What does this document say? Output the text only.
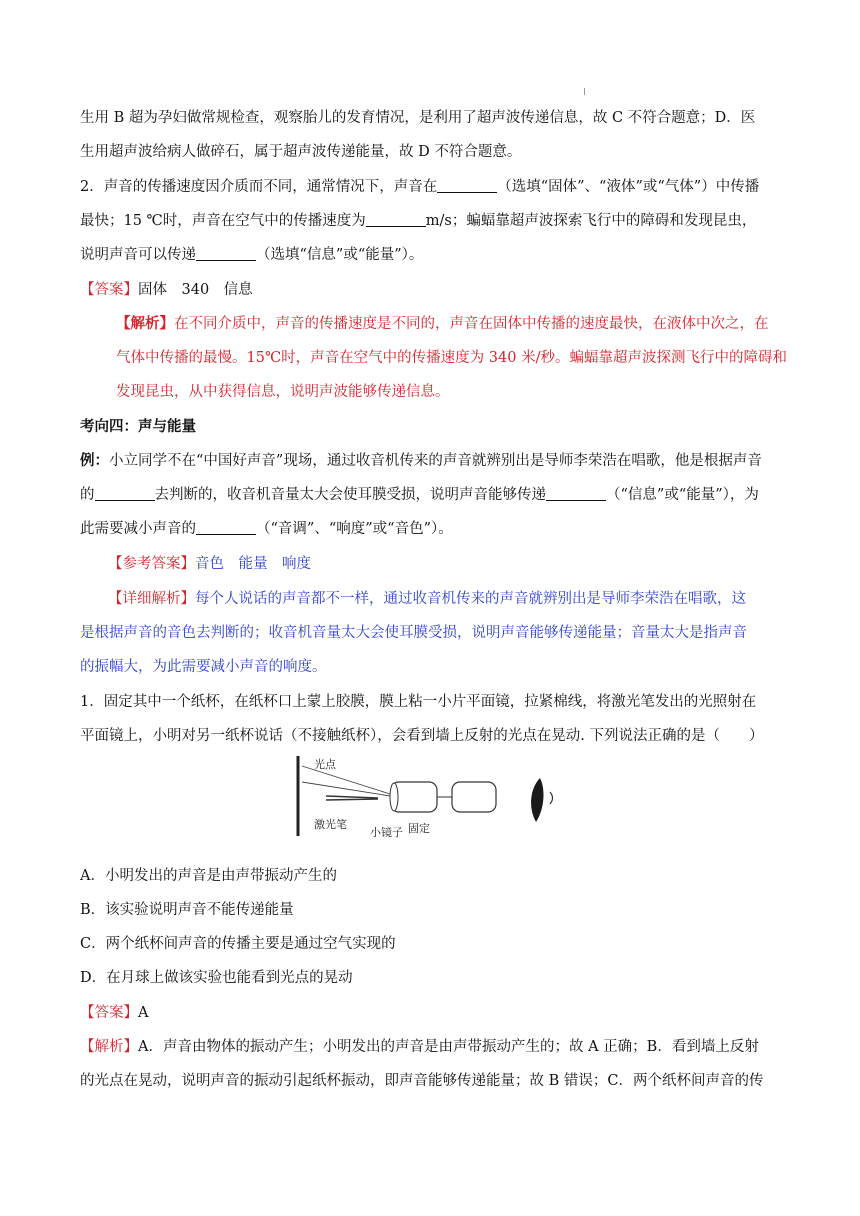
生用 B 超为孕妇做常规检查，观察胎儿的发育情况，是利用了超声波传递信息，故 C 不符合题意；D．医
生用超声波给病人做碎石，属于超声波传递能量，故 D 不符合题意。
2．声音的传播速度因介质而不同，通常情况下，声音在	（选填“固体”、“液体”或“气体”）中传播
最快；15 ℃时，声音在空气中的传播速度为	m/s；蝙蝠靠超声波探索飞行中的障碍和发现昆虫，
说明声音可以传递	（选填“信息”或“能量”）。
【答案】固体　340　信息
【解析】在不同介质中，声音的传播速度是不同的，声音在固体中传播的速度最快，在液体中次之，在
气体中传播的最慢。15℃时，声音在空气中的传播速度为 340 米/秒。蝙蝠靠超声波探测飞行中的障碍和
发现昆虫，从中获得信息，说明声波能够传递信息。
考向四：声与能量
例：小立同学不在“中国好声音”现场，通过收音机传来的声音就辨别出是导师李荣浩在唱歌，他是根据声音
的	去判断的，收音机音量太大会使耳膜受损，说明声音能够传递	（“信息”或“能量”），为
此需要减小声音的	（“音调”、“响度”或“音色”）。
【参考答案】音色　能量　响度
【详细解析】每个人说话的声音都不一样，通过收音机传来的声音就辨别出是导师李荣浩在唱歌，这
是根据声音的音色去判断的；收音机音量太大会使耳膜受损，说明声音能够传递能量；音量太大是指声音
的振幅大，为此需要减小声音的响度。
1．固定其中一个纸杯，在纸杯口上蒙上胶膜，膜上粘一小片平面镜，拉紧棉线，将激光笔发出的光照射在
平面镜上，小明对另一纸杯说话（不接触纸杯），会看到墙上反射的光点在晃动. 下列说法正确的是（　　）
光点
激光笔
小镜子 固定
A．小明发出的声音是由声带振动产生的
B．该实验说明声音不能传递能量
C．两个纸杯间声音的传播主要是通过空气实现的
D．在月球上做该实验也能看到光点的晃动
【答案】A
【解析】A．声音由物体的振动产生；小明发出的声音是由声带振动产生的；故 A 正确；B．看到墙上反射
的光点在晃动，说明声音的振动引起纸杯振动，即声音能够传递能量；故 B 错误；C．两个纸杯间声音的传
